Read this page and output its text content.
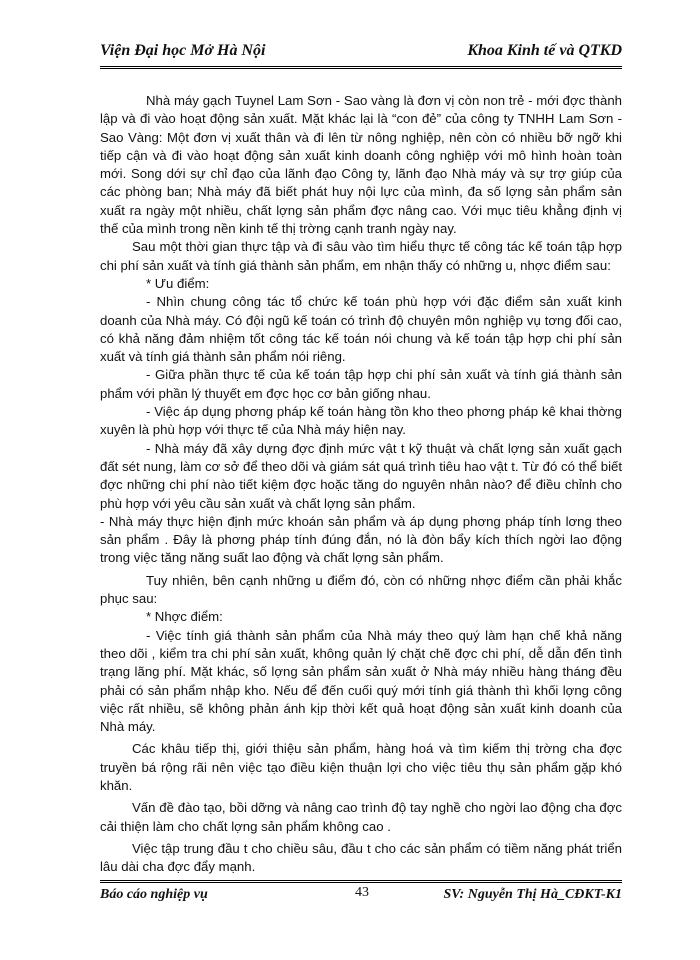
Viện Đại học Mở Hà Nội	Khoa Kinh tế và QTKD

Nhà máy gạch Tuynel Lam Sơn - Sao vàng là đơn vị còn non trẻ - mới đợc thành lập và đi vào hoạt động sản xuất. Mặt khác lại là “con đẻ” của công ty TNHH Lam Sơn - Sao Vàng: Một đơn vị xuất thân và đi lên từ nông nghiệp, nên còn có nhiều bỡ ngỡ khi tiếp cận và đi vào hoạt động sản xuất kinh doanh công nghiệp với mô hình hoàn toàn mới. Song dới sự chỉ đạo của lãnh đạo Công ty, lãnh đạo Nhà máy và sự trợ giúp của các phòng ban; Nhà máy đã biết phát huy nội lực của mình, đa số lợng sản phẩm sản xuất ra ngày một nhiều, chất lợng sản phẩm đợc nâng cao. Với mục tiêu khẳng định vị thế của mình trong nền kinh tế thị trờng cạnh tranh ngày nay.

Sau một thời gian thực tập và đi sâu vào tìm hiểu thực tế công tác kế toán tập hợp chi phí sản xuất và tính giá thành sản phẩm, em nhận thấy có những u, nhợc điểm sau:

* Ưu điểm:

- Nhìn chung công tác tổ chức kế toán phù hợp với đặc điểm sản xuất kinh doanh của Nhà máy. Có đội ngũ kế toán có trình độ chuyên môn nghiệp vụ tơng đối cao, có khả năng đảm nhiệm tốt công tác kế toán nói chung và kế toán tập hợp chi phí sản xuất và tính giá thành sản phẩm nói riêng.

- Giữa phần thực tế của kế toán tập hợp chi phí sản xuất và tính giá thành sản phẩm với phần lý thuyết em đợc học cơ bản giống nhau.

- Việc áp dụng phơng pháp kế toán hàng tồn kho theo phơng pháp kê khai thờng xuyên là phù hợp với thực tế của Nhà máy hiện nay.

- Nhà máy đã xây dựng đợc định mức vật t kỹ thuật và chất lợng sản xuất gạch đất sét nung, làm cơ sở để theo dõi và giám sát quá trình tiêu hao vật t. Từ đó có thể biết đợc những chi phí nào tiết kiệm đợc hoặc tăng do nguyên nhân nào? để điều chỉnh cho phù hợp với yêu cầu sản xuất và chất lợng sản phẩm.

- Nhà máy thực hiện định mức khoán sản phẩm và áp dụng phơng pháp tính lơng theo sản phẩm . Đây là phơng pháp tính đúng đắn, nó là đòn bẩy kích thích ngời lao động trong việc tăng năng suất lao động và chất lợng sản phẩm.

Tuy nhiên, bên cạnh những u điểm đó, còn có những nhợc điểm cần phải khắc phục sau:

* Nhợc điểm:

- Việc tính giá thành sản phẩm của Nhà máy theo quý làm hạn chế khả năng theo dõi , kiểm tra chi phí sản xuất, không quản lý chặt chẽ đợc chi phí, dễ dẫn đến tình trạng lãng phí. Mặt khác, số lợng sản phẩm sản xuất ở Nhà máy nhiều hàng tháng đều phải có sản phẩm nhập kho. Nếu để đến cuối quý mới tính giá thành thì khối lợng công việc rất nhiều, sẽ không phản ánh kịp thời kết quả hoạt động sản xuất kinh doanh của Nhà máy.

Các khâu tiếp thị, giới thiệu sản phẩm, hàng hoá và tìm kiếm thị trờng cha đợc truyền bá rộng rãi nên việc tạo điều kiện thuận lợi cho việc tiêu thụ sản phẩm gặp khó khăn.

Vấn đề đào tạo, bồi dỡng và nâng cao trình độ tay nghề cho ngời lao động cha đợc cải thiện làm cho chất lợng sản phẩm không cao .

Việc tập trung đầu t cho chiều sâu, đầu t cho các sản phẩm có tiềm năng phát triển lâu dài cha đợc đẩy mạnh.

Báo cáo nghiệp vụ	43	SV: Nguyễn Thị Hà_CĐKT-K1
